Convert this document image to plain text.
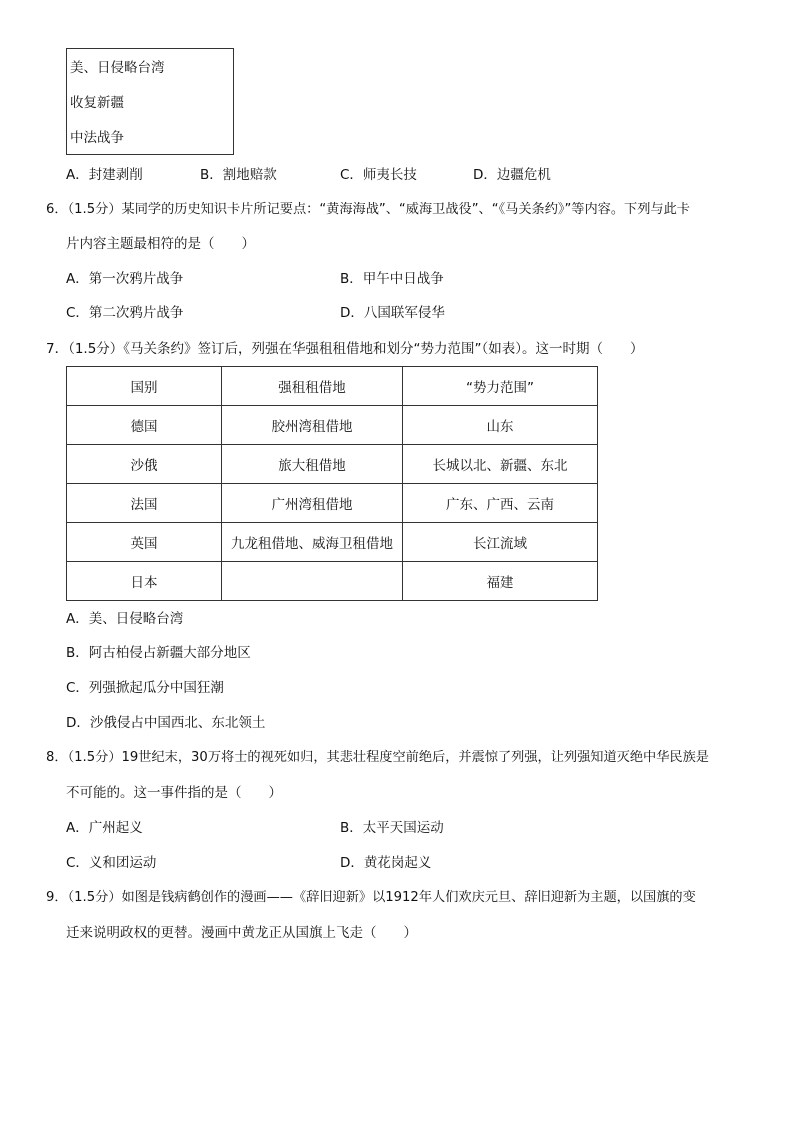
美、日侵略台湾
收复新疆
中法战争
A．封建剥削	B．割地赔款	C．师夷长技	D．边疆危机
6．（1.5分）某同学的历史知识卡片所记要点：“黄海海战”、“威海卫战役”、“《马关条约》”等内容。下列与此卡
片内容主题最相符的是（　　）
A．第一次鸦片战争	B．甲午中日战争
C．第二次鸦片战争	D．八国联军侵华
7．（1.5分）《马关条约》签订后，列强在华强租租借地和划分“势力范围”（如表）。这一时期（　　）
国别	强租租借地	“势力范围”
德国	胶州湾租借地	山东
沙俄	旅大租借地	长城以北、新疆、东北
法国	广州湾租借地	广东、广西、云南
英国	九龙租借地、威海卫租借地	长江流域
日本		福建
A．美、日侵略台湾
B．阿古柏侵占新疆大部分地区
C．列强掀起瓜分中国狂潮
D．沙俄侵占中国西北、东北领土
8．（1.5分）19世纪末，30万将士的视死如归，其悲壮程度空前绝后，并震惊了列强，让列强知道灭绝中华民族是
不可能的。这一事件指的是（　　）
A．广州起义	B．太平天国运动
C．义和团运动	D．黄花岗起义
9．（1.5分）如图是钱病鹤创作的漫画——《辞旧迎新》以1912年人们欢庆元旦、辞旧迎新为主题，以国旗的变
迁来说明政权的更替。漫画中黄龙正从国旗上飞走（　　）
